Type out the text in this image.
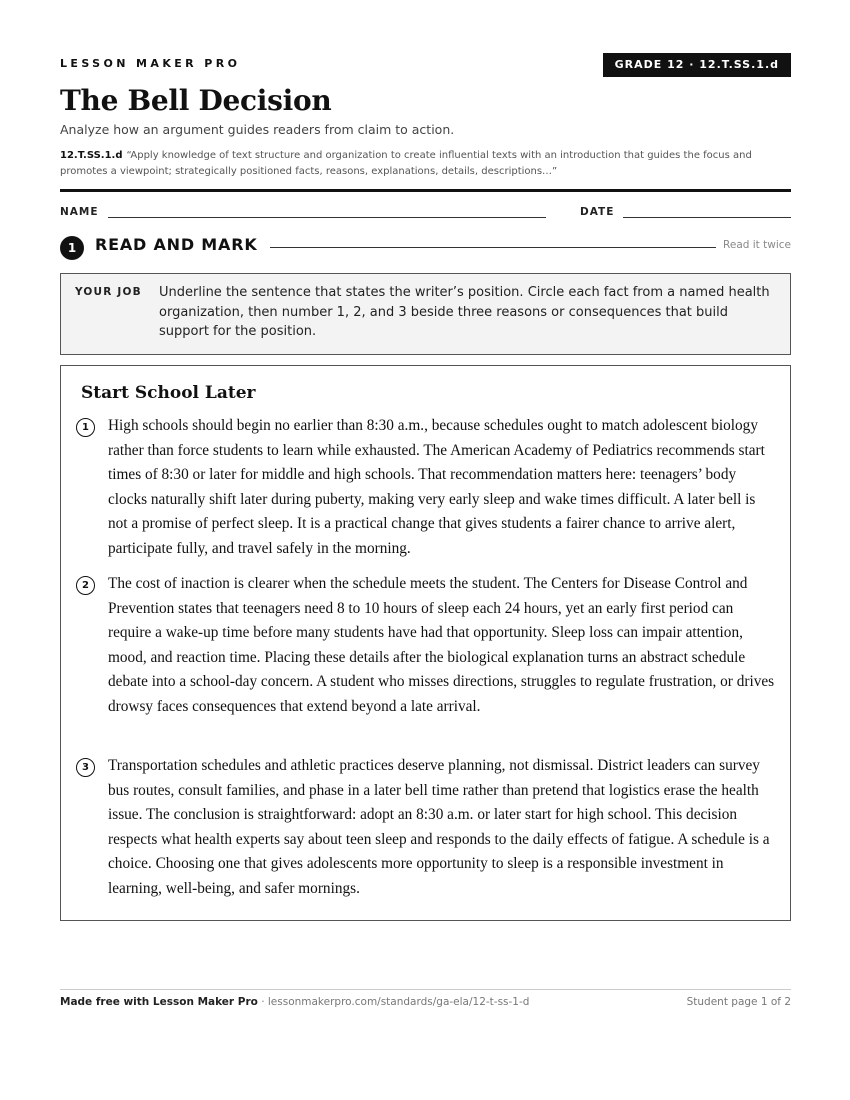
LESSON MAKER PRO	GRADE 12 · 12.T.SS.1.d
The Bell Decision
Analyze how an argument guides readers from claim to action.
12.T.SS.1.d “Apply knowledge of text structure and organization to create influential texts with an introduction that guides the focus and promotes a viewpoint; strategically positioned facts, reasons, explanations, details, descriptions…”
NAME	DATE
1	READ AND MARK	Read it twice
YOUR JOB Underline the sentence that states the writer’s position. Circle each fact from a named health organization, then number 1, 2, and 3 beside three reasons or consequences that build support for the position.
Start School Later
1	High schools should begin no earlier than 8:30 a.m., because schedules ought to match adolescent biology rather than force students to learn while exhausted. The American Academy of Pediatrics recommends start times of 8:30 or later for middle and high schools. That recommendation matters here: teenagers’ body clocks naturally shift later during puberty, making very early sleep and wake times difficult. A later bell is not a promise of perfect sleep. It is a practical change that gives students a fairer chance to arrive alert, participate fully, and travel safely in the morning.
2	The cost of inaction is clearer when the schedule meets the student. The Centers for Disease Control and Prevention states that teenagers need 8 to 10 hours of sleep each 24 hours, yet an early first period can require a wake-up time before many students have had that opportunity. Sleep loss can impair attention, mood, and reaction time. Placing these details after the biological explanation turns an abstract schedule debate into a school-day concern. A student who misses directions, struggles to regulate frustration, or drives drowsy faces consequences that extend beyond a late arrival.
3	Transportation schedules and athletic practices deserve planning, not dismissal. District leaders can survey bus routes, consult families, and phase in a later bell time rather than pretend that logistics erase the health issue. The conclusion is straightforward: adopt an 8:30 a.m. or later start for high school. This decision respects what health experts say about teen sleep and responds to the daily effects of fatigue. A schedule is a choice. Choosing one that gives adolescents more opportunity to sleep is a responsible investment in learning, well-being, and safer mornings.
Made free with Lesson Maker Pro · lessonmakerpro.com/standards/ga-ela/12-t-ss-1-d	Student page 1 of 2
